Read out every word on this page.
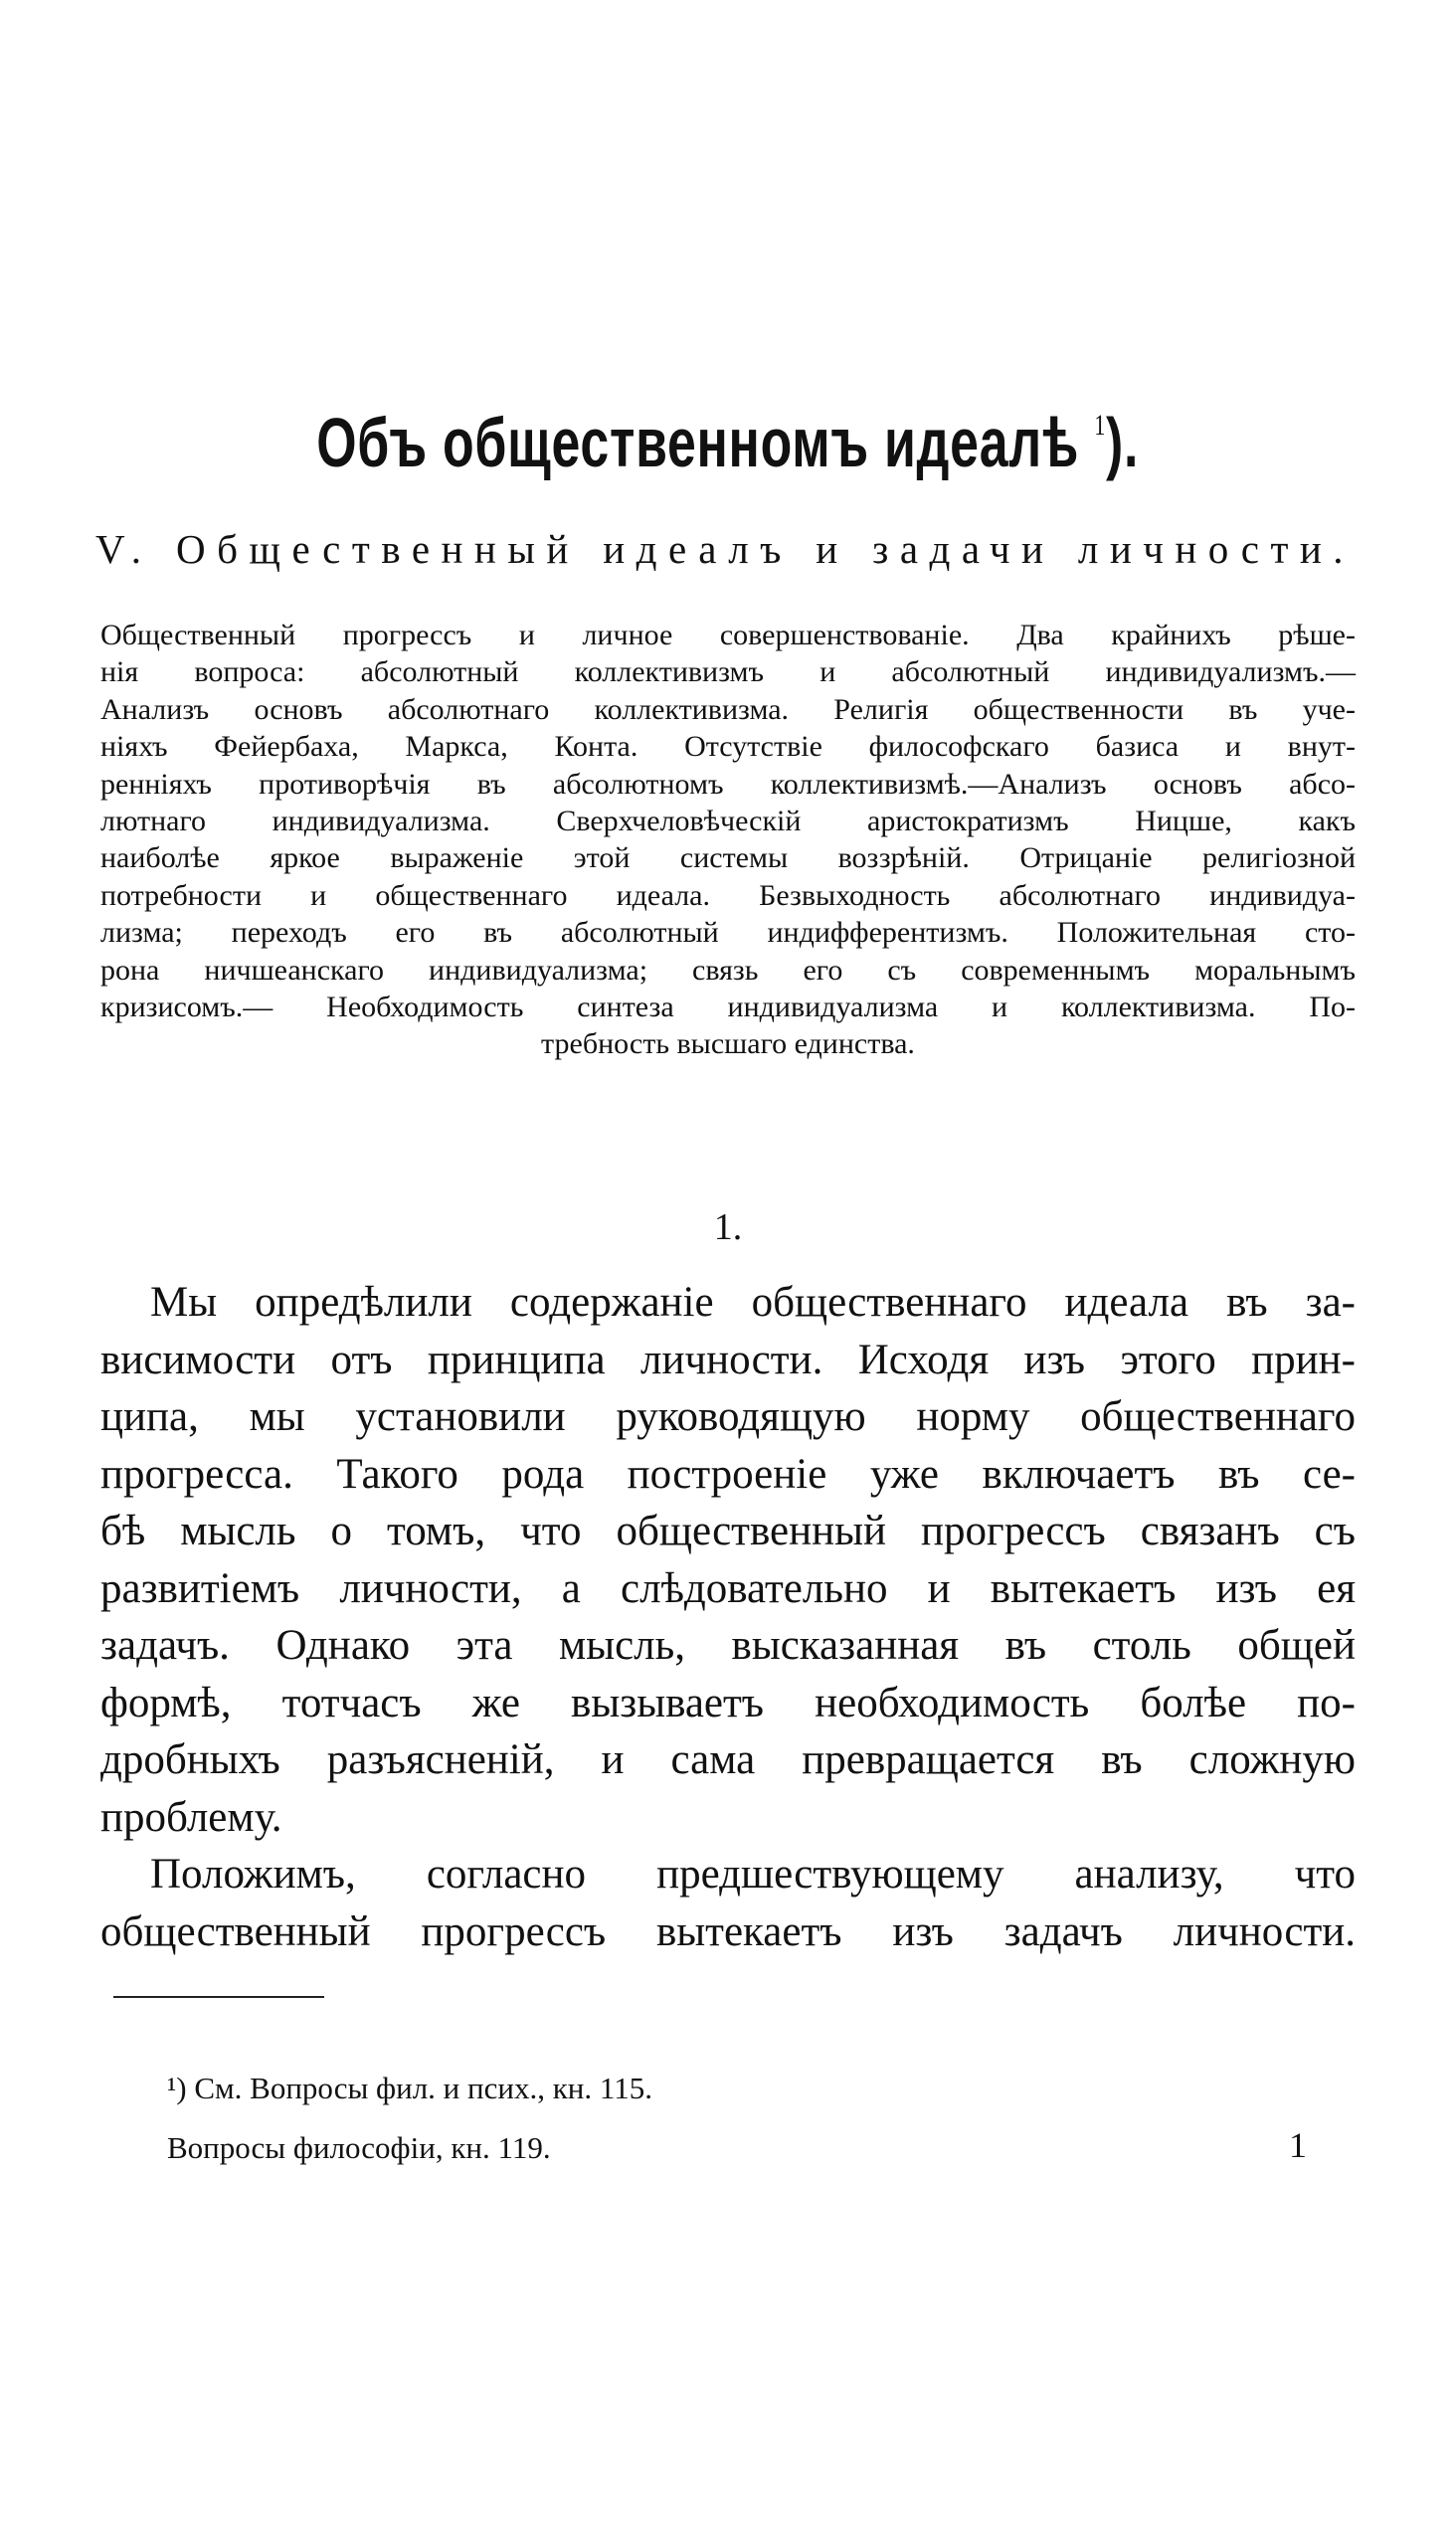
Объ общественномъ идеалѣ $^1$).
V. Общественный идеалъ и задачи личности.
Общественный прогрессъ и личное совершенствованіе. Два крайнихъ рѣше-
нія вопроса: абсолютный коллективизмъ и абсолютный индивидуализмъ.—
Анализъ основъ абсолютнаго коллективизма. Религія общественности въ уче-
ніяхъ Фейербаха, Маркса, Конта. Отсутствіе философскаго базиса и внут-
ренніяхъ противорѣчія въ абсолютномъ коллективизмѣ.—Анализъ основъ абсо-
лютнаго индивидуализма. Сверхчеловѣческій аристократизмъ Ницше, какъ
наиболѣе яркое выраженіе этой системы воззрѣній. Отрицаніе религіозной
потребности и общественнаго идеала. Безвыходность абсолютнаго индивидуа-
лизма; переходъ его въ абсолютный индифферентизмъ. Положительная сто-
рона ничшеанскаго индивидуализма; связь его съ современнымъ моральнымъ
кризисомъ.— Необходимость синтеза индивидуализма и коллективизма. По-
требность высшаго единства.
1.
Мы опредѣлили содержаніе общественнаго идеала въ за-
висимости отъ принципа личности. Исходя изъ этого прин-
ципа, мы установили руководящую норму общественнаго
прогресса. Такого рода построеніе уже включаетъ въ се-
бѣ мысль о томъ, что общественный прогрессъ связанъ съ
развитіемъ личности, а слѣдовательно и вытекаетъ изъ ея
задачъ. Однако эта мысль, высказанная въ столь общей
формѣ, тотчасъ же вызываетъ необходимость болѣе по-
дробныхъ разъясненій, и сама превращается въ сложную
проблему.
Положимъ, согласно предшествующему анализу, что
общественный прогрессъ вытекаетъ изъ задачъ личности.
¹) См. Вопросы фил. и псих., кн. 115.
Вопросы философіи, кн. 119.	1
